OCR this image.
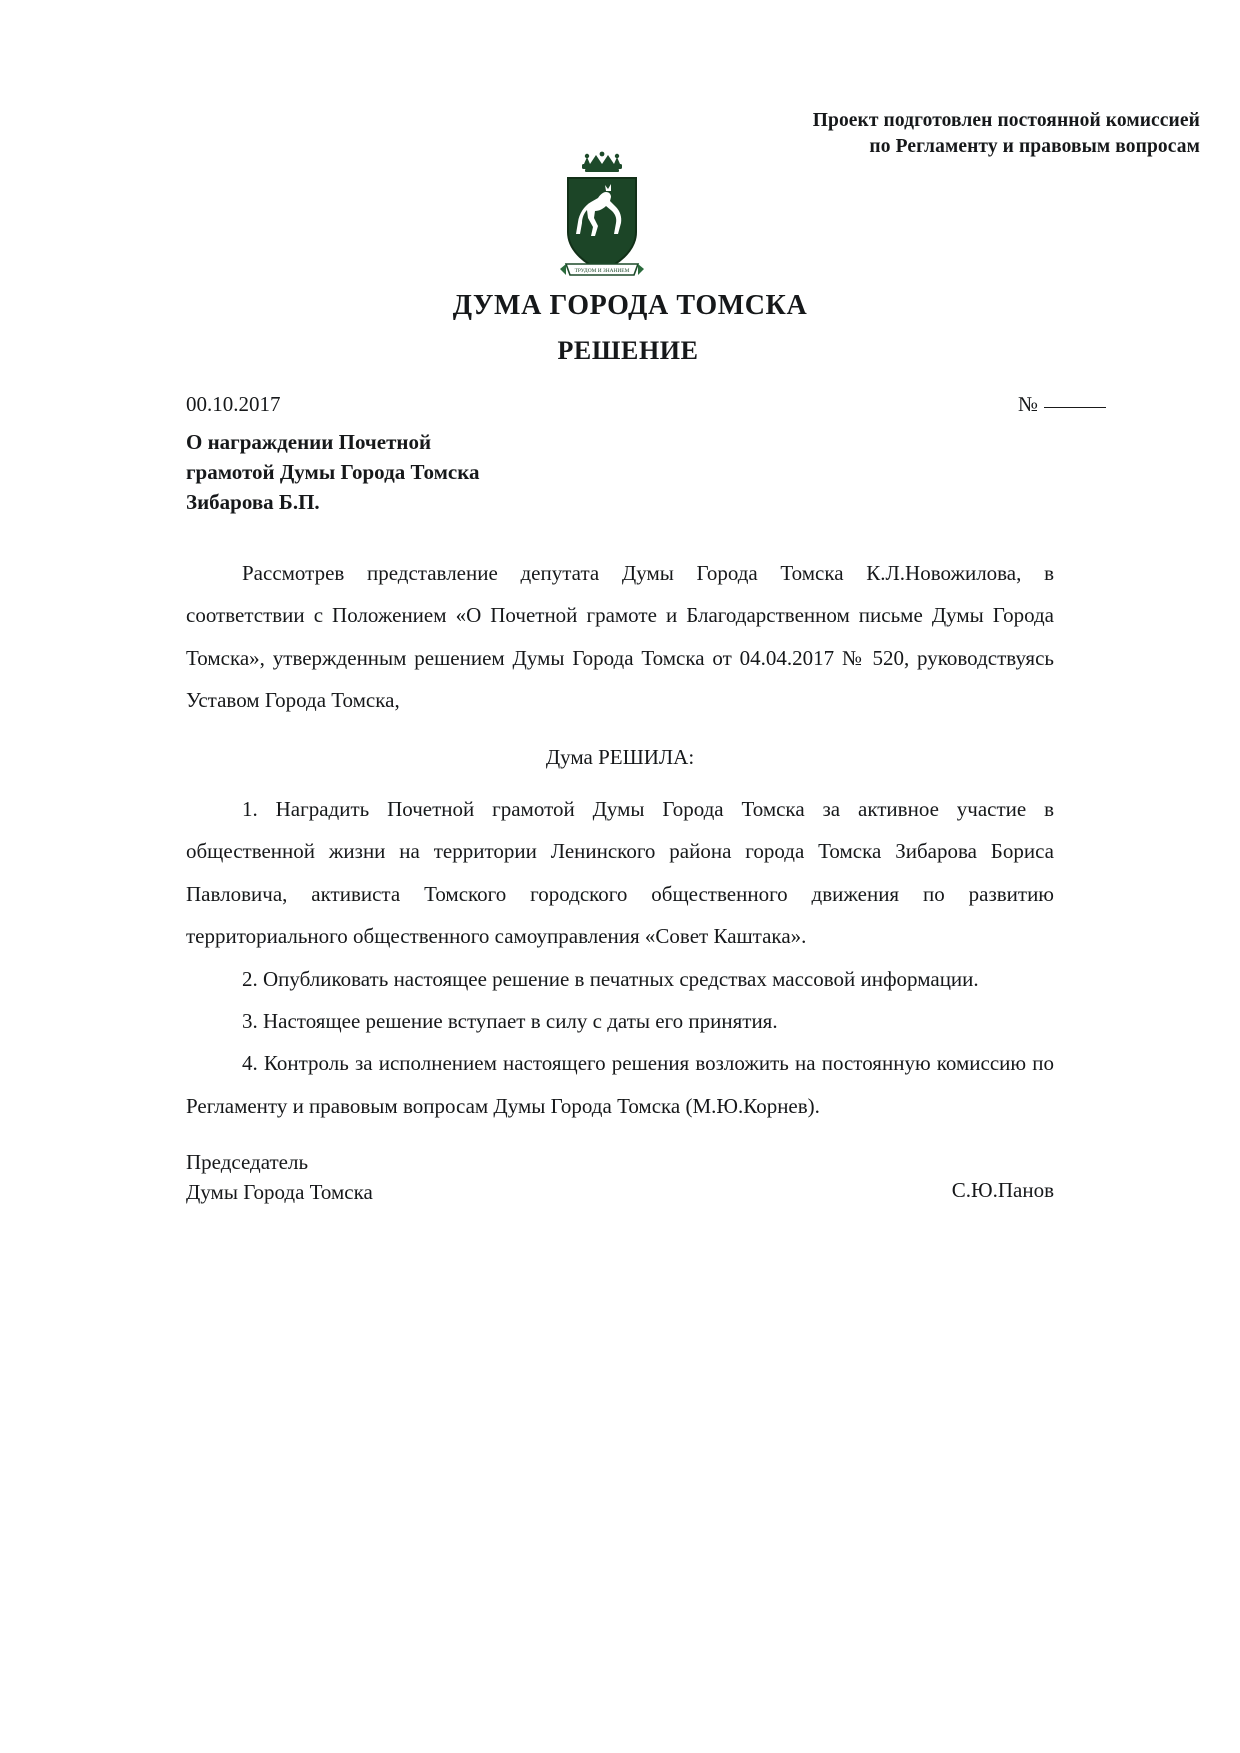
Проект подготовлен постоянной комиссией
по Регламенту и правовым вопросам
ТРУДОМ И ЗНАНИЕМ
ДУМА ГОРОДА ТОМСКА
РЕШЕНИЕ
00.10.2017	№
О награждении Почетной
грамотой Думы Города Томска
Зибарова Б.П.

Рассмотрев представление депутата Думы Города Томска К.Л.Новожилова, в соответствии с Положением «О Почетной грамоте и Благодарственном письме Думы Города Томска», утвержденным решением Думы Города Томска от 04.04.2017 № 520, руководствуясь Уставом Города Томска,

Дума РЕШИЛА:

1. Наградить Почетной грамотой Думы Города Томска за активное участие в общественной жизни на территории Ленинского района города Томска Зибарова Бориса Павловича, активиста Томского городского общественного движения по развитию территориального общественного самоуправления «Совет Каштака».

2. Опубликовать настоящее решение в печатных средствах массовой информации.

3. Настоящее решение вступает в силу с даты его принятия.

4. Контроль за исполнением настоящего решения возложить на постоянную комиссию по Регламенту и правовым вопросам Думы Города Томска (М.Ю.Корнев).

Председатель
Думы Города Томска	С.Ю.Панов
